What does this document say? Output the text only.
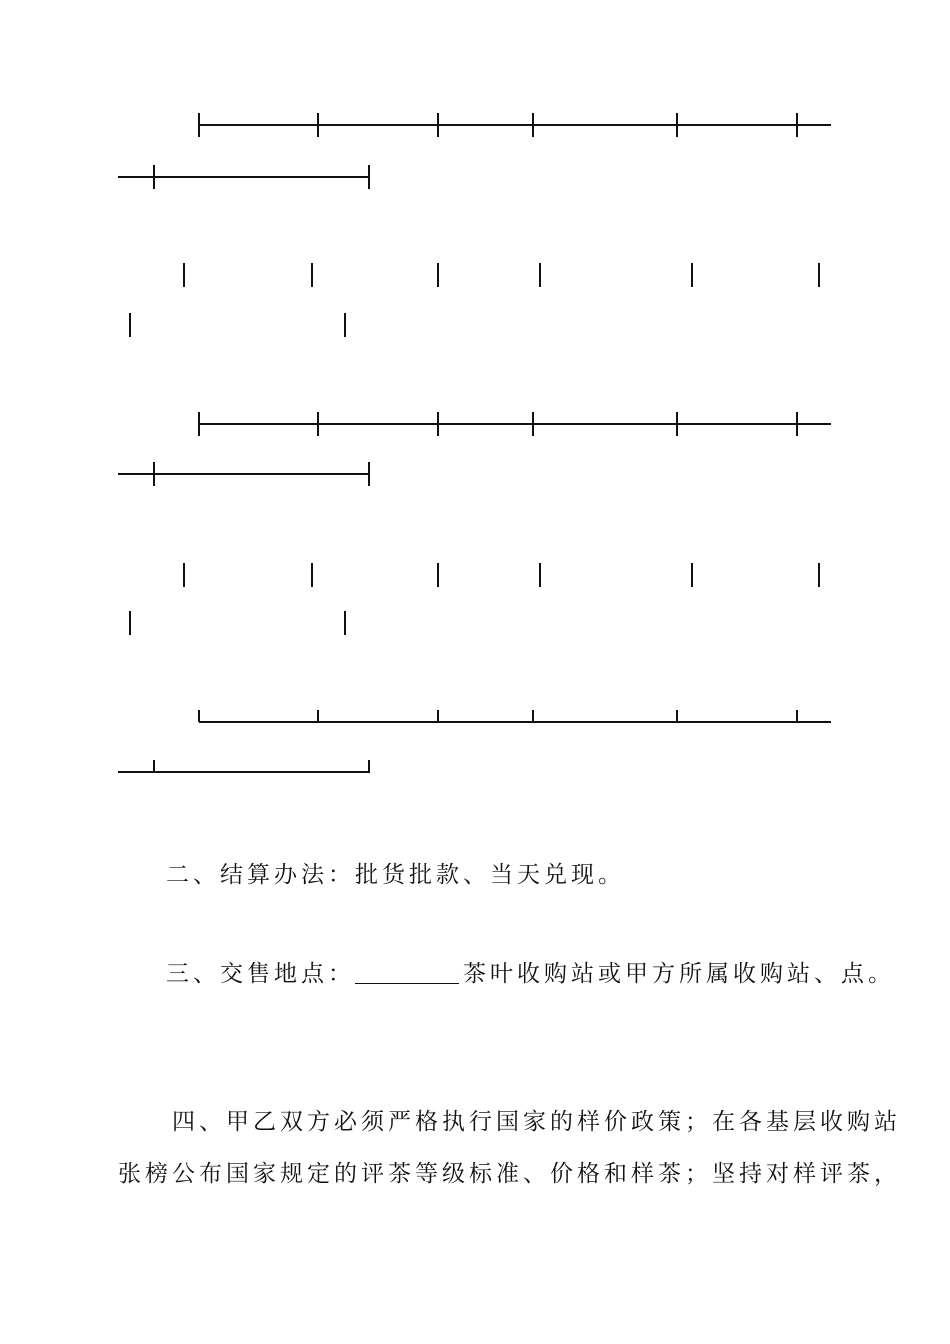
二、结算办法：批货批款、当天兑现。
三、交售地点：	茶叶收购站或甲方所属收购站、点。
四、甲乙双方必须严格执行国家的样价政策；在各基层收购站
张榜公布国家规定的评茶等级标准、价格和样茶；坚持对样评茶，
